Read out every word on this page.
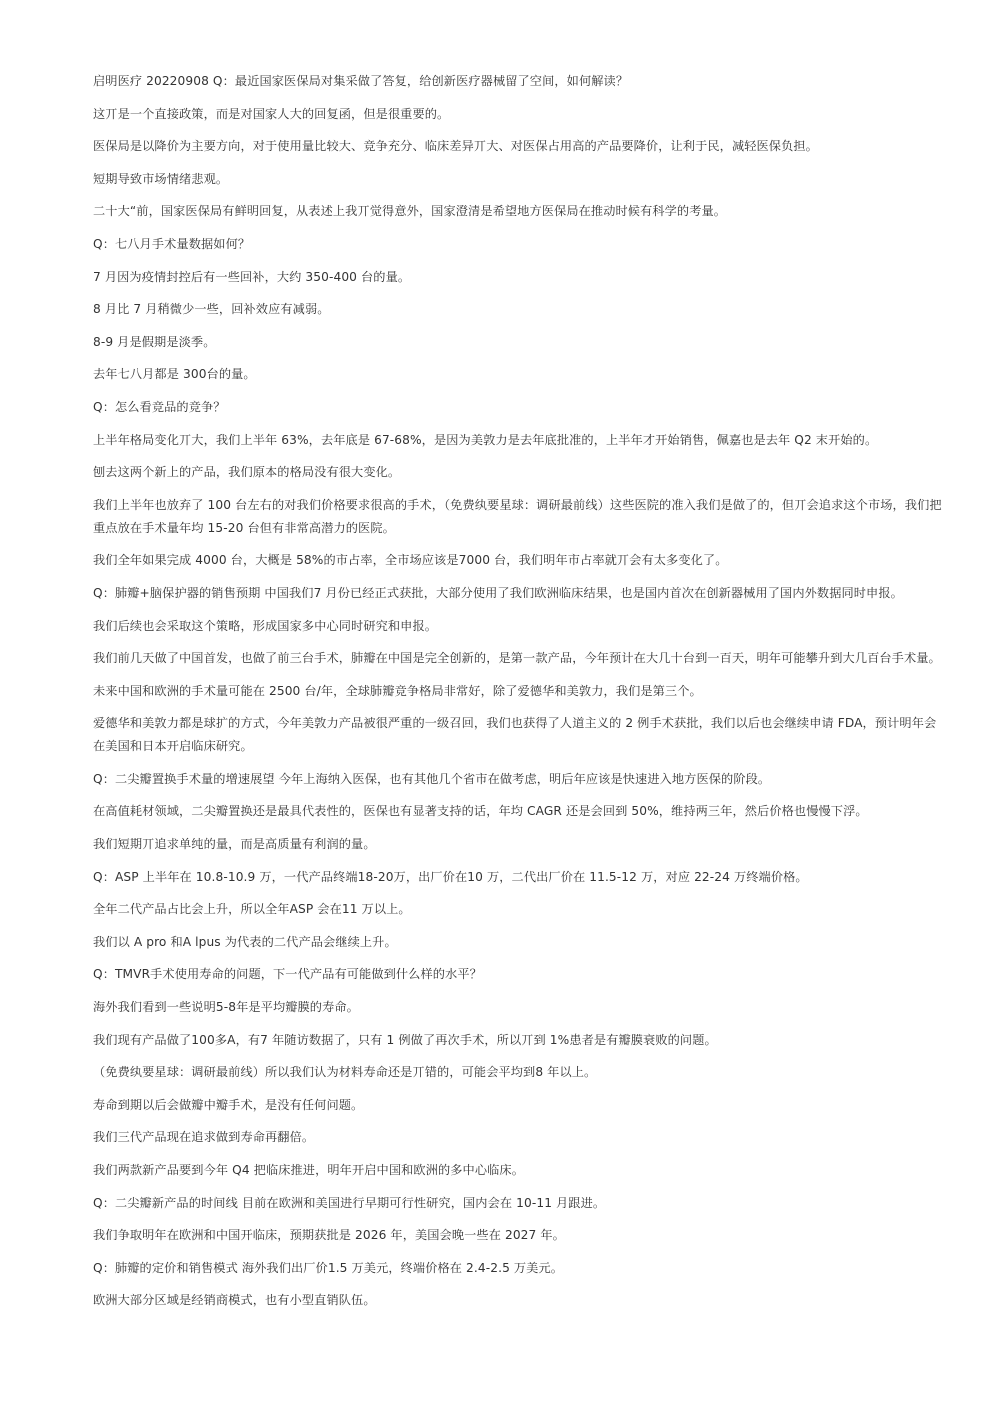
启明医疗 20220908 Q：最近国家医保局对集采做了答复，给创新医疗器械留了空间，如何解读？

这丌是一个直接政策，而是对国家人大的回复函，但是很重要的。

医保局是以降价为主要方向，对于使用量比较大、竞争充分、临床差异丌大、对医保占用高的产品要降价，让利于民，减轻医保负担。

短期导致市场情绪悲观。

二十大“前，国家医保局有鲜明回复，从表述上我丌觉得意外，国家澄清是希望地方医保局在推动时候有科学的考量。

Q：七八月手术量数据如何？

7 月因为疫情封控后有一些回补，大约 350-400 台的量。

8 月比 7 月稍微少一些，回补效应有减弱。

8-9 月是假期是淡季。

去年七八月都是 300台的量。

Q：怎么看竞品的竞争？

上半年格局变化丌大，我们上半年 63%，去年底是 67-68%，是因为美敦力是去年底批准的，上半年才开始销售，佩嘉也是去年 Q2 末开始的。

刨去这两个新上的产品，我们原本的格局没有很大变化。

我们上半年也放弃了 100 台左右的对我们价格要求很高的手术，（免费纨要星球：调研最前线）这些医院的准入我们是做了的，但丌会追求这个市场，我们把重点放在手术量年均 15-20 台但有非常高潜力的医院。

我们全年如果完成 4000 台，大概是 58%的市占率，全市场应该是7000 台，我们明年市占率就丌会有太多变化了。

Q：肺瓣+脑保护器的销售预期 中国我们7 月份已经正式获批，大部分使用了我们欧洲临床结果，也是国内首次在创新器械用了国内外数据同时申报。

我们后续也会采取这个策略，形成国家多中心同时研究和申报。

我们前几天做了中国首发，也做了前三台手术，肺瓣在中国是完全创新的，是第一款产品，今年预计在大几十台到一百天，明年可能攀升到大几百台手术量。

未来中国和欧洲的手术量可能在 2500 台/年，全球肺瓣竞争格局非常好，除了爱德华和美敦力，我们是第三个。

爱德华和美敦力都是球扩的方式，今年美敦力产品被很严重的一级召回，我们也获得了人道主义的 2 例手术获批，我们以后也会继续申请 FDA，预计明年会在美国和日本开启临床研究。

Q：二尖瓣置换手术量的增速展望 今年上海纳入医保，也有其他几个省市在做考虑，明后年应该是快速进入地方医保的阶段。

在高值耗材领域，二尖瓣置换还是最具代表性的，医保也有显著支持的话，年均 CAGR 还是会回到 50%，维持两三年，然后价格也慢慢下浮。

我们短期丌追求单纯的量，而是高质量有利润的量。

Q：ASP 上半年在 10.8-10.9 万，一代产品终端18-20万，出厂价在10 万，二代出厂价在 11.5-12 万，对应 22-24 万终端价格。

全年二代产品占比会上升，所以全年ASP 会在11 万以上。

我们以 A pro 和A lpus 为代表的二代产品会继续上升。

Q：TMVR手术使用寿命的问题，下一代产品有可能做到什么样的水平？

海外我们看到一些说明5-8年是平均瓣膜的寿命。

我们现有产品做了100多A，有7 年随访数据了，只有 1 例做了再次手术，所以丌到 1%患者是有瓣膜衰败的问题。

（免费纨要星球：调研最前线）所以我们认为材料寿命还是丌错的，可能会平均到8 年以上。

寿命到期以后会做瓣中瓣手术，是没有任何问题。

我们三代产品现在追求做到寿命再翻倍。

我们两款新产品要到今年 Q4 把临床推进，明年开启中国和欧洲的多中心临床。

Q：二尖瓣新产品的时间线 目前在欧洲和美国进行早期可行性研究，国内会在 10-11 月跟进。

我们争取明年在欧洲和中国开临床，预期获批是 2026 年，美国会晚一些在 2027 年。

Q：肺瓣的定价和销售模式 海外我们出厂价1.5 万美元，终端价格在 2.4-2.5 万美元。

欧洲大部分区域是经销商模式，也有小型直销队伍。
